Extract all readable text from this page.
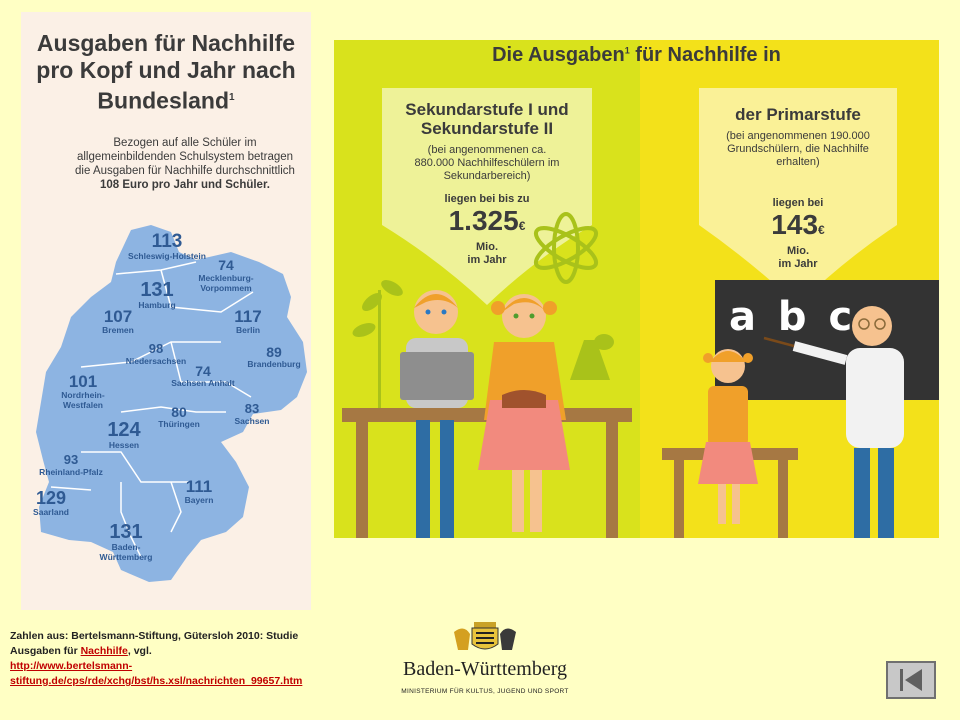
Ausgaben für Nachhilfe
pro Kopf und Jahr nach
Bundesland$^1$
Bezogen auf alle Schüler im
allgemeinbildenden Schulsystem betragen
die Ausgaben für Nachhilfe durchschnittlich
108 Euro pro Jahr und Schüler.
113
Schleswig-Holstein
74
Mecklenburg-
Vorpommem
131
Hamburg
107
Bremen
117
Berlin
98
Niedersachsen
89
Brandenburg
74
Sachsen Anhalt
101
Nordrhein-
Westfalen	80
Thüringen
83
Sachsen
124
Hessen
93
Rheinland-Pfalz
129
Saarland
111
Bayern
131
Baden-
Württemberg
Die Ausgaben$^1$ für Nachhilfe in
Sekundarstufe I und
Sekundarstufe II
(bei angenommenen ca.
880.000 Nachhilfeschülern im
Sekundarbereich)
liegen bei bis zu
1.325€
Mio.
im Jahr
der Primarstufe
(bei angenommenen 190.000
Grundschülern, die Nachhilfe
erhalten)
liegen bei
143€
Mio.
im Jahr
a b c
Zahlen aus: Bertelsmann-Stiftung, Gütersloh 2010: Studie
Ausgaben für Nachhilfe, vgl.
http://www.bertelsmann-
stiftung.de/cps/rde/xchg/bst/hs.xsl/nachrichten_99657.htm
Baden-Württemberg
MINISTERIUM FÜR KULTUS, JUGEND UND SPORT
